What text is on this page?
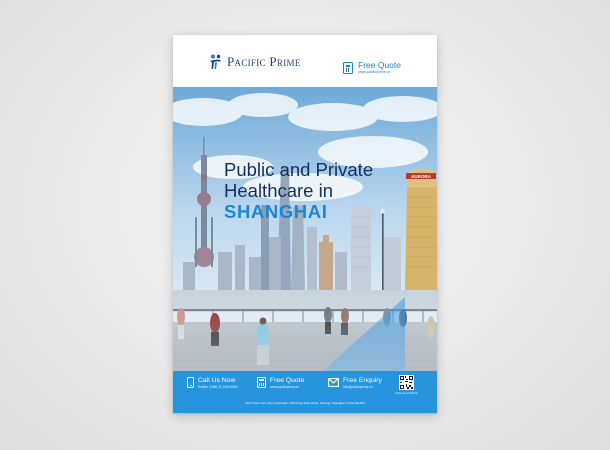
Pacific Prime	Free Quote
www.pacificprime.cn
AURORA
Public and Private
Healthcare in
SHANGHAI
Call Us Now
Hotline: (+86) 21 2426 6400
Free Quote
www.pacificprime.cn
Free Enquiry
info@pacificprime.cn
Follow us on WeChat
11/F Tower Two, Kerry Parkside, 1155 Fang Dian Road, Pudong, Shanghai, China 201204
